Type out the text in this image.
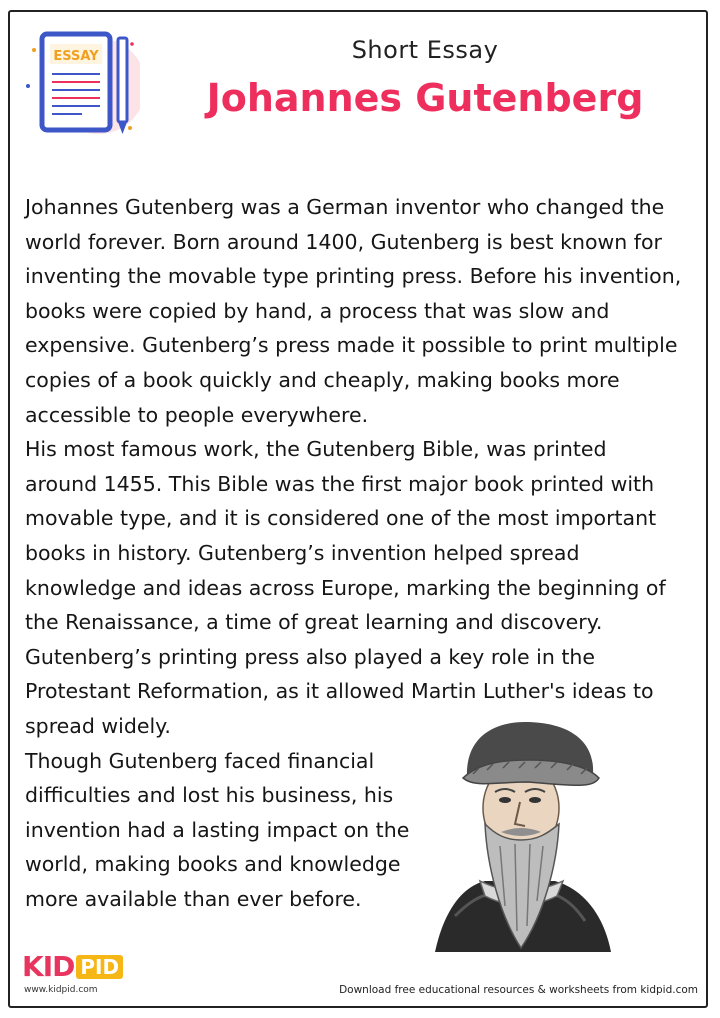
ESSAY	Short Essay
Johannes Gutenberg

Johannes Gutenberg was a German inventor who changed the world forever. Born around 1400, Gutenberg is best known for inventing the movable type printing press. Before his invention, books were copied by hand, a process that was slow and expensive. Gutenberg’s press made it possible to print multiple copies of a book quickly and cheaply, making books more accessible to people everywhere.

His most famous work, the Gutenberg Bible, was printed around 1455. This Bible was the first major book printed with movable type, and it is considered one of the most important books in history. Gutenberg’s invention helped spread knowledge and ideas across Europe, marking the beginning of the Renaissance, a time of great learning and discovery. Gutenberg’s printing press also played a key role in the Protestant Reformation, as it allowed Martin Luther's ideas to spread widely.

Though Gutenberg faced financial difficulties and lost his business, his invention had a lasting impact on the world, making books and knowledge more available than ever before.

KID PID
www.kidpid.com	Download free educational resources & worksheets from kidpid.com
